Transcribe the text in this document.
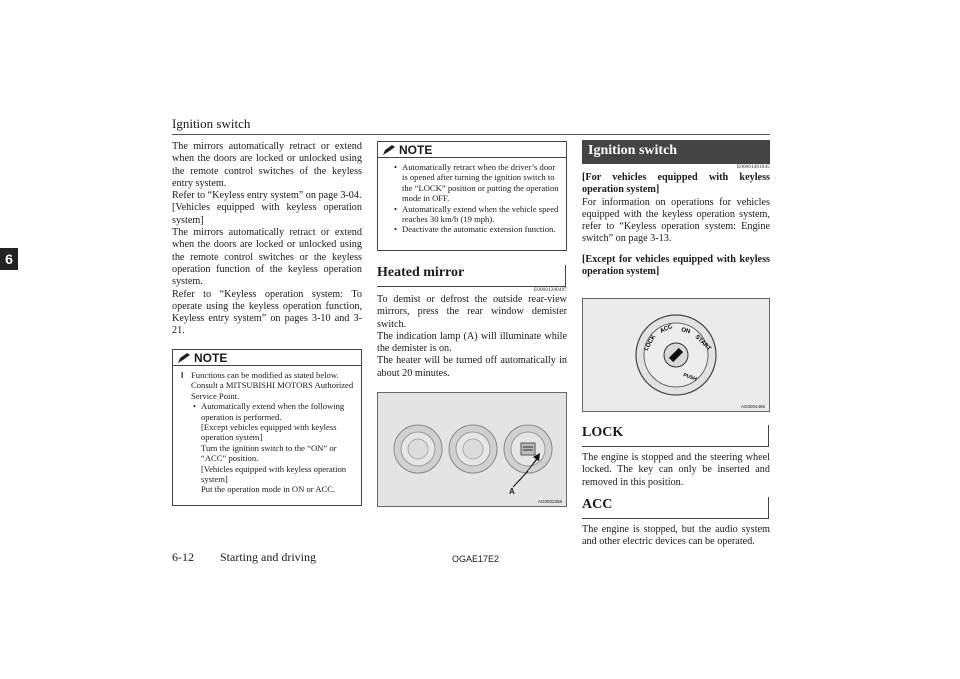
Ignition switch
6

The mirrors automatically retract or extend when the doors are locked or unlocked using the remote control switches of the keyless entry system.

Refer to “Keyless entry system” on page 3-04.

[Vehicles equipped with keyless operation system]

The mirrors automatically retract or extend when the doors are locked or unlocked using the remote control switches or the keyless operation function of the keyless operation system.

Refer to “Keyless operation system: To operate using the keyless operation function, Keyless entry system” on pages 3-10 and 3-21.

NOTE
l Functions can be modified as stated below. Consult a MITSUBISHI MOTORS Authorized Service Point.
• Automatically extend when the following operation is performed.
[Except vehicles equipped with keyless operation system]
Turn the ignition switch to the “ON” or “ACC” position.
[Vehicles equipped with keyless operation system]
Put the operation mode in ON or ACC.
NOTE
• Automatically retract when the driver’s door is opened after turning the ignition switch to the “LOCK” position or putting the operation mode in OFF.
• Automatically extend when the vehicle speed reaches 30 km/h (19 mph).
• Deactivate the automatic extension function.
Heated mirror
E00601200497

To demist or defrost the outside rear-view mirrors, press the rear window demister switch.

The indication lamp (A) will illuminate while the demister is on.

The heater will be turned off automatically in about 20 minutes.

A
AG0002358
Ignition switch
E00601401845

[For vehicles equipped with keyless operation system]

For information on operations for vehicles equipped with the keyless operation system, refer to “Keyless operation system: Engine switch” on page 3-13.

[Except for vehicles equipped with keyless operation system]

LOCK
ACC ON
START
PUSH
AG0004466
LOCK

The engine is stopped and the steering wheel locked. The key can only be inserted and removed in this position.

ACC

The engine is stopped, but the audio system and other electric devices can be operated.

6-12 Starting and driving	OGAE17E2
